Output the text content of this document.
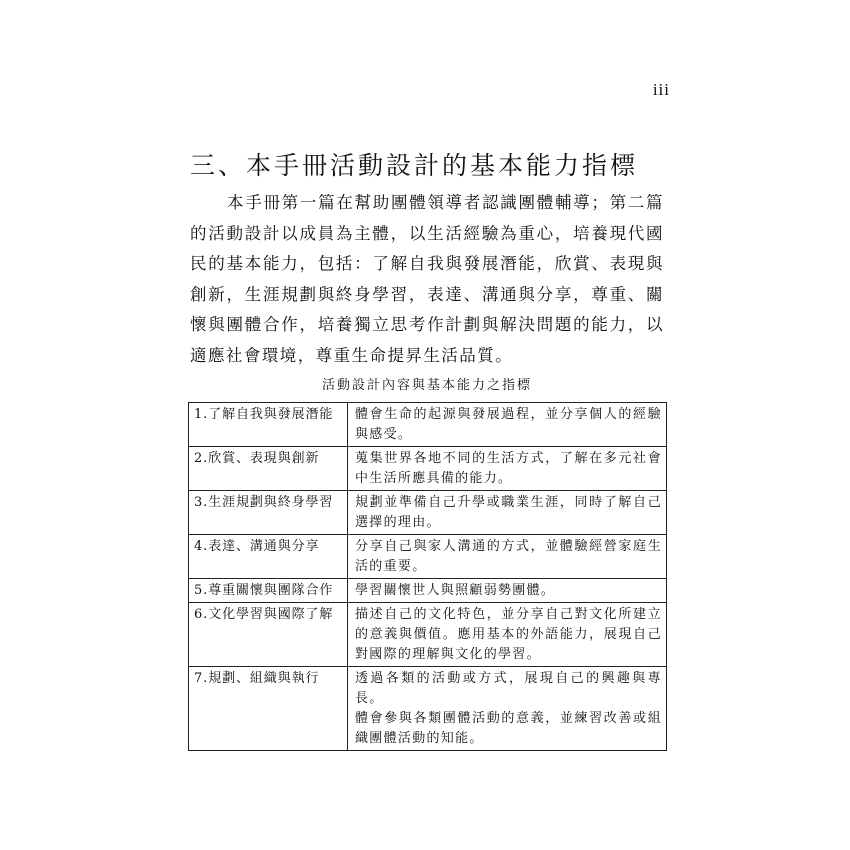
iii
三、本手冊活動設計的基本能力指標

本手冊第一篇在幫助團體領導者認識團體輔導；第二篇的活動設計以成員為主體，以生活經驗為重心，培養現代國民的基本能力，包括：了解自我與發展潛能，欣賞、表現與創新，生涯規劃與終身學習，表達、溝通與分享，尊重、關懷與團體合作，培養獨立思考作計劃與解決問題的能力，以適應社會環境，尊重生命提昇生活品質。

活動設計內容與基本能力之指標
1.了解自我與發展潛能	體會生命的起源與發展過程，並分享個人的經驗與感受。

2.欣賞、表現與創新	蒐集世界各地不同的生活方式，了解在多元社會中生活所應具備的能力。

3.生涯規劃與終身學習	規劃並準備自己升學或職業生涯，同時了解自己選擇的理由。

4.表達、溝通與分享	分享自己與家人溝通的方式，並體驗經營家庭生活的重要。

5.尊重關懷與團隊合作	學習關懷世人與照顧弱勢團體。

6.文化學習與國際了解	描述自己的文化特色，並分享自己對文化所建立的意義與價值。應用基本的外語能力，展現自己對國際的理解與文化的學習。

7.規劃、組織與執行	透過各類的活動或方式，展現自己的興趣與專長。
體會參與各類團體活動的意義，並練習改善或組織團體活動的知能。
